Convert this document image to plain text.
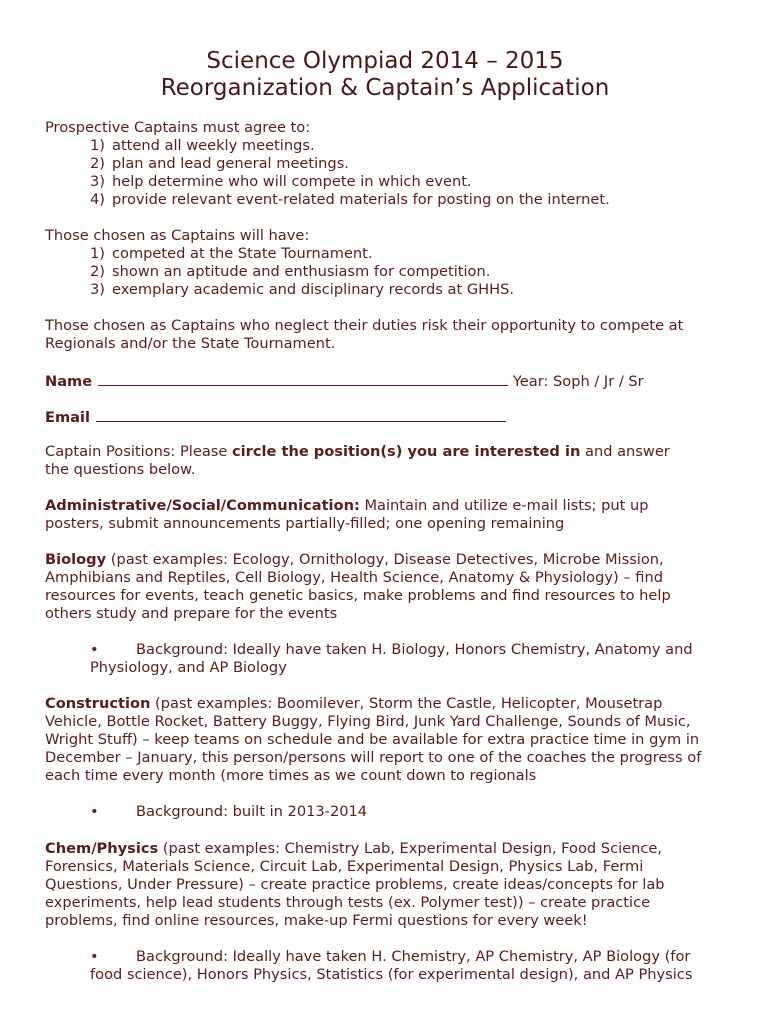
Science Olympiad 2014 – 2015
Reorganization & Captain’s Application
Prospective Captains must agree to:
1) attend all weekly meetings.
2) plan and lead general meetings.
3) help determine who will compete in which event.
4) provide relevant event-related materials for posting on the internet.
Those chosen as Captains will have:
1) competed at the State Tournament.
2) shown an aptitude and enthusiasm for competition.
3) exemplary academic and disciplinary records at GHHS.
Those chosen as Captains who neglect their duties risk their opportunity to compete at
Regionals and/or the State Tournament.
Name	Year: Soph / Jr / Sr
Email
Captain Positions: Please circle the position(s) you are interested in and answer
the questions below.
Administrative/Social/Communication: Maintain and utilize e-mail lists; put up
posters, submit announcements partially-filled; one opening remaining
Biology (past examples: Ecology, Ornithology, Disease Detectives, Microbe Mission,
Amphibians and Reptiles, Cell Biology, Health Science, Anatomy & Physiology) – find
resources for events, teach genetic basics, make problems and find resources to help
others study and prepare for the events
•	Background: Ideally have taken H. Biology, Honors Chemistry, Anatomy and
Physiology, and AP Biology
Construction (past examples: Boomilever, Storm the Castle, Helicopter, Mousetrap
Vehicle, Bottle Rocket, Battery Buggy, Flying Bird, Junk Yard Challenge, Sounds of Music,
Wright Stuff) – keep teams on schedule and be available for extra practice time in gym in
December – January, this person/persons will report to one of the coaches the progress of
each time every month (more times as we count down to regionals
•	Background: built in 2013-2014
Chem/Physics (past examples: Chemistry Lab, Experimental Design, Food Science,
Forensics, Materials Science, Circuit Lab, Experimental Design, Physics Lab, Fermi
Questions, Under Pressure) – create practice problems, create ideas/concepts for lab
experiments, help lead students through tests (ex. Polymer test)) – create practice
problems, find online resources, make-up Fermi questions for every week!
•	Background: Ideally have taken H. Chemistry, AP Chemistry, AP Biology (for
food science), Honors Physics, Statistics (for experimental design), and AP Physics
